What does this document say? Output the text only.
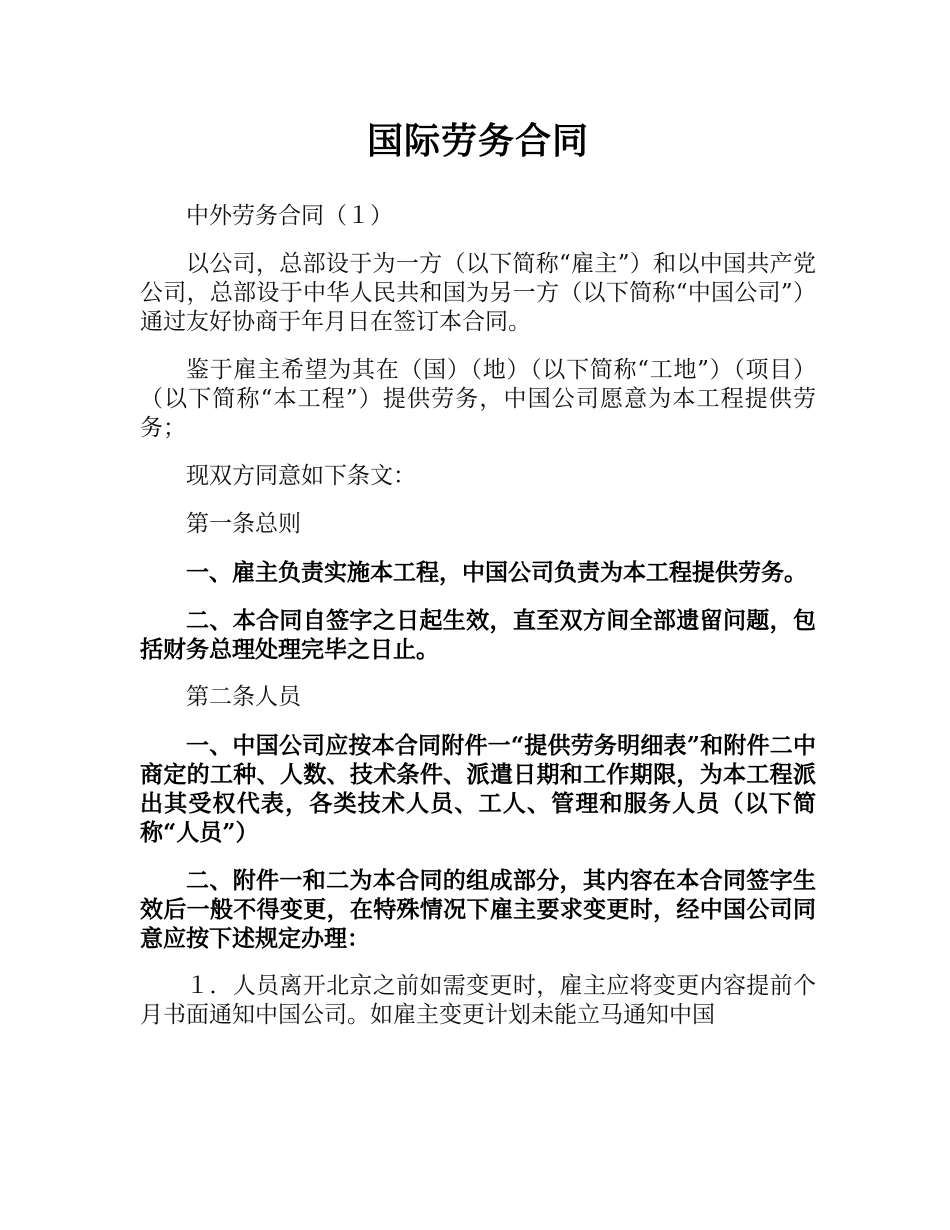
国际劳务合同
中外劳务合同（１）
以公司，总部设于为一方（以下简称“雇主”）和以中国共产党公司，总部设于中华人民共和国为另一方（以下简称“中国公司”）通过友好协商于年月日在签订本合同。
鉴于雇主希望为其在（国）（地）（以下简称“工地”）（项目）（以下简称“本工程”）提供劳务，中国公司愿意为本工程提供劳务；
现双方同意如下条文：
第一条总则
一、雇主负责实施本工程，中国公司负责为本工程提供劳务。
二、本合同自签字之日起生效，直至双方间全部遗留问题，包括财务总理处理完毕之日止。
第二条人员
一、中国公司应按本合同附件一“提供劳务明细表”和附件二中商定的工种、人数、技术条件、派遣日期和工作期限，为本工程派出其受权代表，各类技术人员、工人、管理和服务人员（以下简称“人员”）
二、附件一和二为本合同的组成部分，其内容在本合同签字生效后一般不得变更，在特殊情况下雇主要求变更时，经中国公司同意应按下述规定办理：
１．人员离开北京之前如需变更时，雇主应将变更内容提前个月书面通知中国公司。如雇主变更计划未能立马通知中国
